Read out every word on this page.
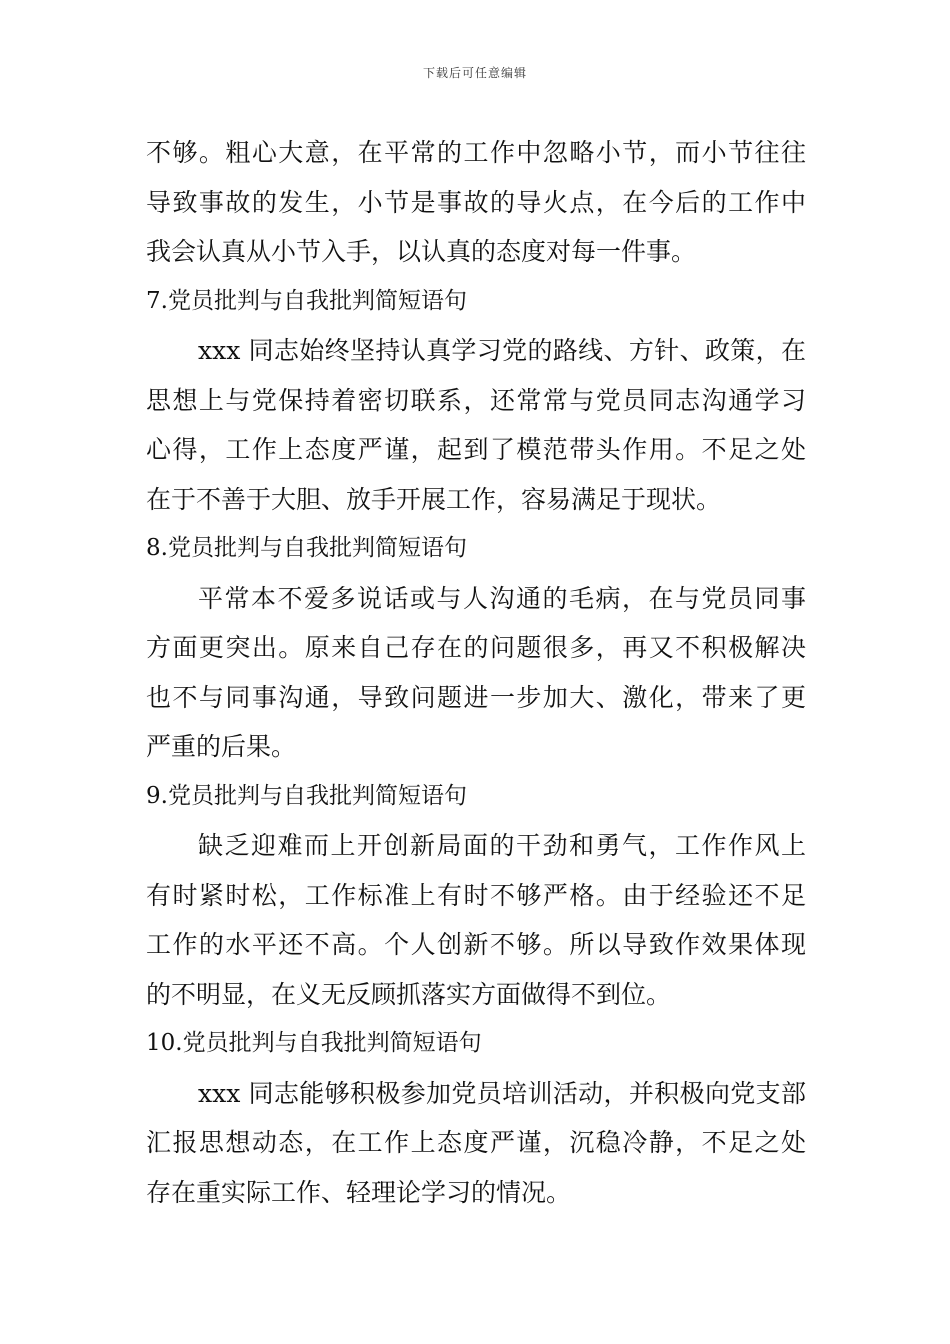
下载后可任意编辑
不够。粗心大意，在平常的工作中忽略小节，而小节往往
导致事故的发生，小节是事故的导火点，在今后的工作中
我会认真从小节入手，以认真的态度对每一件事。
7.党员批判与自我批判简短语句
xxx 同志始终坚持认真学习党的路线、方针、政策，在
思想上与党保持着密切联系，还常常与党员同志沟通学习
心得，工作上态度严谨，起到了模范带头作用。不足之处
在于不善于大胆、放手开展工作，容易满足于现状。
8.党员批判与自我批判简短语句
平常本不爱多说话或与人沟通的毛病，在与党员同事
方面更突出。原来自己存在的问题很多，再又不积极解决
也不与同事沟通，导致问题进一步加大、激化，带来了更
严重的后果。
9.党员批判与自我批判简短语句
缺乏迎难而上开创新局面的干劲和勇气，工作作风上
有时紧时松，工作标准上有时不够严格。由于经验还不足
工作的水平还不高。个人创新不够。所以导致作效果体现
的不明显，在义无反顾抓落实方面做得不到位。
10.党员批判与自我批判简短语句
xxx 同志能够积极参加党员培训活动，并积极向党支部
汇报思想动态，在工作上态度严谨，沉稳冷静，不足之处
存在重实际工作、轻理论学习的情况。
